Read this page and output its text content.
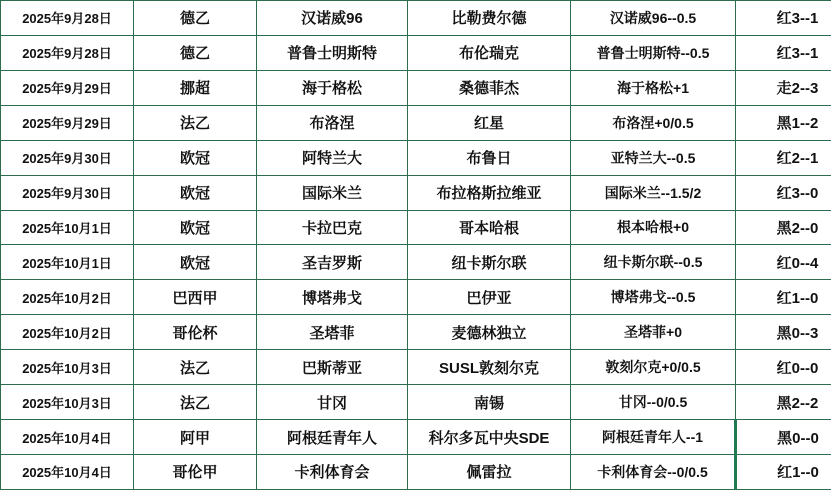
2025年9月28日	德乙	汉诺威96	比勒费尔德	汉诺威96--0.5	红3--1
2025年9月28日	德乙	普鲁士明斯特	布伦瑞克	普鲁士明斯特--0.5	红3--1
2025年9月29日	挪超	海于格松	桑德菲杰	海于格松+1	走2--3
2025年9月29日	法乙	布洛涅	红星	布洛涅+0/0.5	黑1--2
2025年9月30日	欧冠	阿特兰大	布鲁日	亚特兰大--0.5	红2--1
2025年9月30日	欧冠	国际米兰	布拉格斯拉维亚	国际米兰--1.5/2	红3--0
2025年10月1日	欧冠	卡拉巴克	哥本哈根	根本哈根+0	黑2--0
2025年10月1日	欧冠	圣吉罗斯	纽卡斯尔联	纽卡斯尔联--0.5	红0--4
2025年10月2日	巴西甲	博塔弗戈	巴伊亚	博塔弗戈--0.5	红1--0
2025年10月2日	哥伦杯	圣塔菲	麦德林独立	圣塔菲+0	黑0--3
2025年10月3日	法乙	巴斯蒂亚	SUSL敦刻尔克	敦刻尔克+0/0.5	红0--0
2025年10月3日	法乙	甘冈	南锡	甘冈--0/0.5	黑2--2
2025年10月4日	阿甲	阿根廷青年人	科尔多瓦中央SDE	阿根廷青年人--1	黑0--0
2025年10月4日	哥伦甲	卡利体育会	佩雷拉	卡利体育会--0/0.5	红1--0
